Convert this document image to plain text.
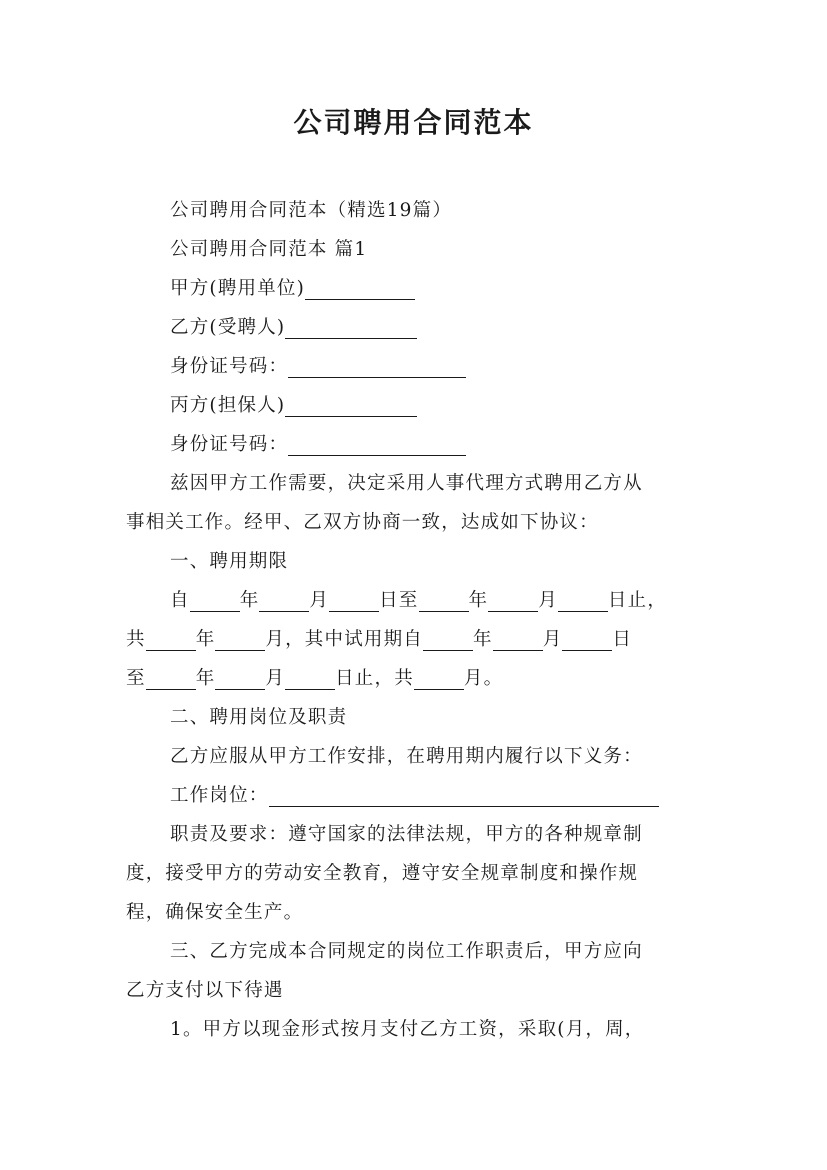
公司聘用合同范本
公司聘用合同范本（精选19篇）
公司聘用合同范本 篇1
甲方(聘用单位)
乙方(受聘人)
身份证号码：
丙方(担保人)
身份证号码：
兹因甲方工作需要，决定采用人事代理方式聘用乙方从
事相关工作。经甲、乙双方协商一致，达成如下协议：
一、聘用期限
自	年	月	日至	年	月	日止，
共	年	月，其中试用期自	年	月	日
至	年	月	日止，共	月。
二、聘用岗位及职责
乙方应服从甲方工作安排，在聘用期内履行以下义务：
工作岗位：
职责及要求：遵守国家的法律法规，甲方的各种规章制
度，接受甲方的劳动安全教育，遵守安全规章制度和操作规
程，确保安全生产。
三、乙方完成本合同规定的岗位工作职责后，甲方应向
乙方支付以下待遇
1。甲方以现金形式按月支付乙方工资，采取(月，周，
